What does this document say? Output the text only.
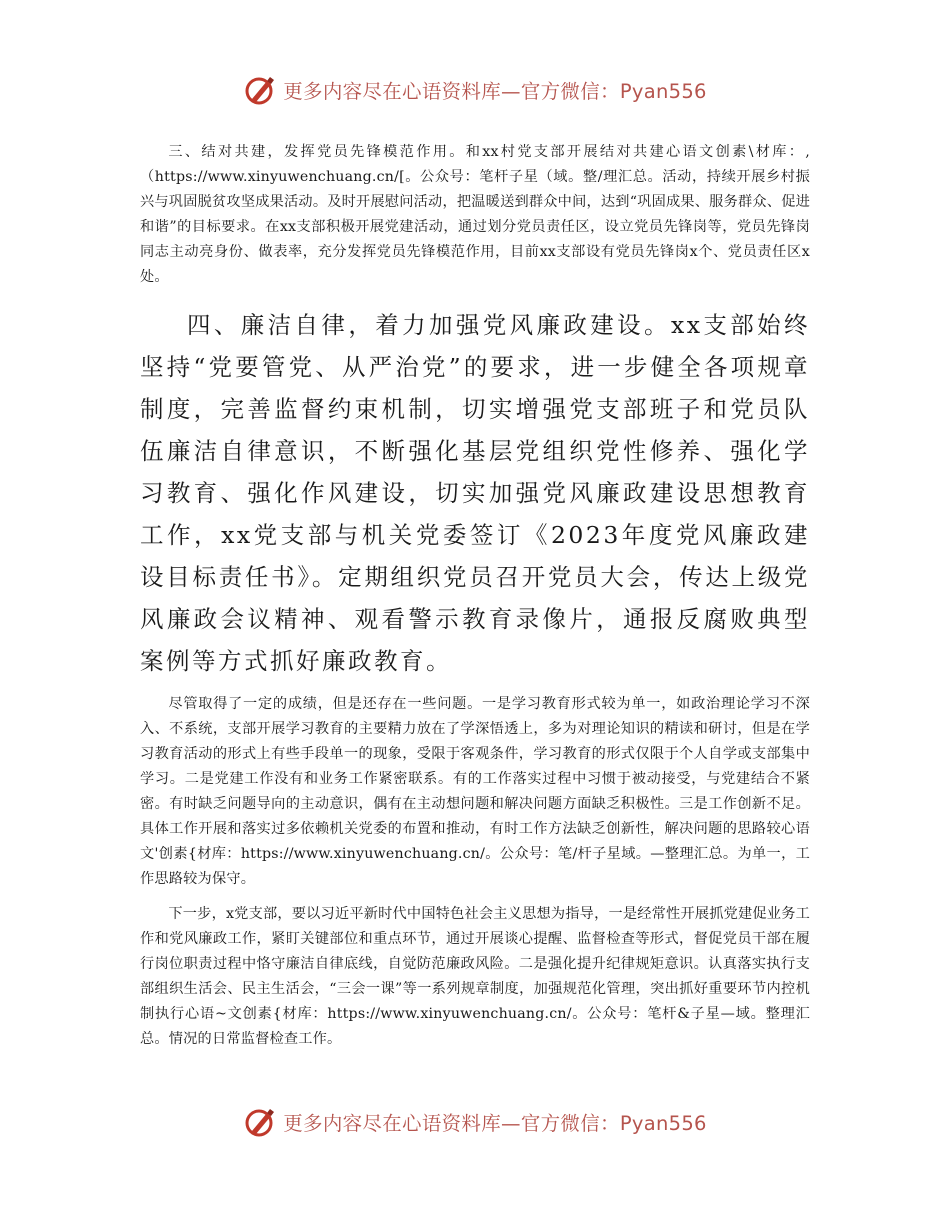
更多内容尽在心语资料库—官方微信：Pyan556

三、结对共建，发挥党员先锋模范作用。和xx村党支部开展结对共建心语文创素\材库：,（https://www.xinyuwenchuang.cn/[。公众号：笔杆子星（域。整/理汇总。活动，持续开展乡村振兴与巩固脱贫攻坚成果活动。及时开展慰问活动，把温暖送到群众中间，达到“巩固成果、服务群众、促进和谐”的目标要求。在xx支部积极开展党建活动，通过划分党员责任区，设立党员先锋岗等，党员先锋岗同志主动亮身份、做表率，充分发挥党员先锋模范作用，目前xx支部设有党员先锋岗x个、党员责任区x处。

四、廉洁自律，着力加强党风廉政建设。xx支部始终坚持“党要管党、从严治党”的要求，进一步健全各项规章制度，完善监督约束机制，切实增强党支部班子和党员队伍廉洁自律意识，不断强化基层党组织党性修养、强化学习教育、强化作风建设，切实加强党风廉政建设思想教育工作，xx党支部与机关党委签订《2023年度党风廉政建设目标责任书》。定期组织党员召开党员大会，传达上级党风廉政会议精神、观看警示教育录像片，通报反腐败典型案例等方式抓好廉政教育。

尽管取得了一定的成绩，但是还存在一些问题。一是学习教育形式较为单一，如政治理论学习不深入、不系统，支部开展学习教育的主要精力放在了学深悟透上，多为对理论知识的精读和研讨，但是在学习教育活动的形式上有些手段单一的现象，受限于客观条件，学习教育的形式仅限于个人自学或支部集中学习。二是党建工作没有和业务工作紧密联系。有的工作落实过程中习惯于被动接受，与党建结合不紧密。有时缺乏问题导向的主动意识，偶有在主动想问题和解决问题方面缺乏积极性。三是工作创新不足。具体工作开展和落实过多依赖机关党委的布置和推动，有时工作方法缺乏创新性，解决问题的思路较心语文'创素{材库：https://www.xinyuwenchuang.cn/。公众号：笔/杆子星域。—整理汇总。为单一，工作思路较为保守。

下一步，x党支部，要以习近平新时代中国特色社会主义思想为指导，一是经常性开展抓党建促业务工作和党风廉政工作，紧盯关键部位和重点环节，通过开展谈心提醒、监督检查等形式，督促党员干部在履行岗位职责过程中恪守廉洁自律底线，自觉防范廉政风险。二是强化提升纪律规矩意识。认真落实执行支部组织生活会、民主生活会，“三会一课”等一系列规章制度，加强规范化管理，突出抓好重要环节内控机制执行心语~文创素{材库：https://www.xinyuwenchuang.cn/。公众号：笔杆&子星—域。整理汇总。情况的日常监督检查工作。

更多内容尽在心语资料库—官方微信：Pyan556
